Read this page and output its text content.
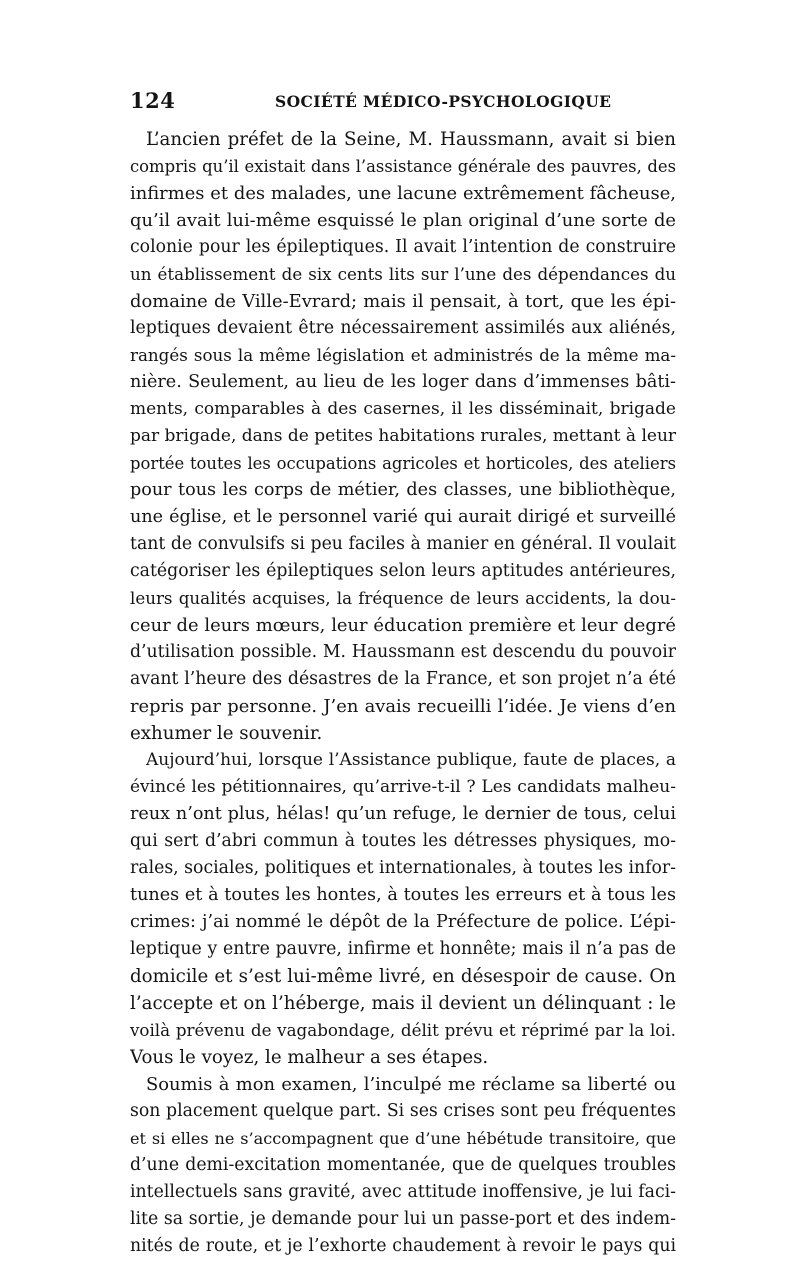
124	SOCIÉTÉ MÉDICO-PSYCHOLOGIQUE
L’ancien préfet de la Seine, M. Haussmann, avait si bien
compris qu’il existait dans l’assistance générale des pauvres, des
infirmes et des malades, une lacune extrêmement fâcheuse,
qu’il avait lui-même esquissé le plan original d’une sorte de
colonie pour les épileptiques. Il avait l’intention de construire
un établissement de six cents lits sur l’une des dépendances du
domaine de Ville-Evrard; mais il pensait, à tort, que les épi-
leptiques devaient être nécessairement assimilés aux aliénés,
rangés sous la même législation et administrés de la même ma-
nière. Seulement, au lieu de les loger dans d’immenses bâti-
ments, comparables à des casernes, il les disséminait, brigade
par brigade, dans de petites habitations rurales, mettant à leur
portée toutes les occupations agricoles et horticoles, des ateliers
pour tous les corps de métier, des classes, une bibliothèque,
une église, et le personnel varié qui aurait dirigé et surveillé
tant de convulsifs si peu faciles à manier en général. Il voulait
catégoriser les épileptiques selon leurs aptitudes antérieures,
leurs qualités acquises, la fréquence de leurs accidents, la dou-
ceur de leurs mœurs, leur éducation première et leur degré
d’utilisation possible. M. Haussmann est descendu du pouvoir
avant l’heure des désastres de la France, et son projet n’a été
repris par personne. J’en avais recueilli l’idée. Je viens d’en
exhumer le souvenir.
Aujourd’hui, lorsque l’Assistance publique, faute de places, a
évincé les pétitionnaires, qu’arrive-t-il ? Les candidats malheu-
reux n’ont plus, hélas! qu’un refuge, le dernier de tous, celui
qui sert d’abri commun à toutes les détresses physiques, mo-
rales, sociales, politiques et internationales, à toutes les infor-
tunes et à toutes les hontes, à toutes les erreurs et à tous les
crimes: j’ai nommé le dépôt de la Préfecture de police. L’épi-
leptique y entre pauvre, infirme et honnête; mais il n’a pas de
domicile et s’est lui-même livré, en désespoir de cause. On
l’accepte et on l’héberge, mais il devient un délinquant : le
voilà prévenu de vagabondage, délit prévu et réprimé par la loi.
Vous le voyez, le malheur a ses étapes.
Soumis à mon examen, l’inculpé me réclame sa liberté ou
son placement quelque part. Si ses crises sont peu fréquentes
et si elles ne s’accompagnent que d’une hébétude transitoire, que
d’une demi-excitation momentanée, que de quelques troubles
intellectuels sans gravité, avec attitude inoffensive, je lui faci-
lite sa sortie, je demande pour lui un passe-port et des indem-
nités de route, et je l’exhorte chaudement à revoir le pays qui
